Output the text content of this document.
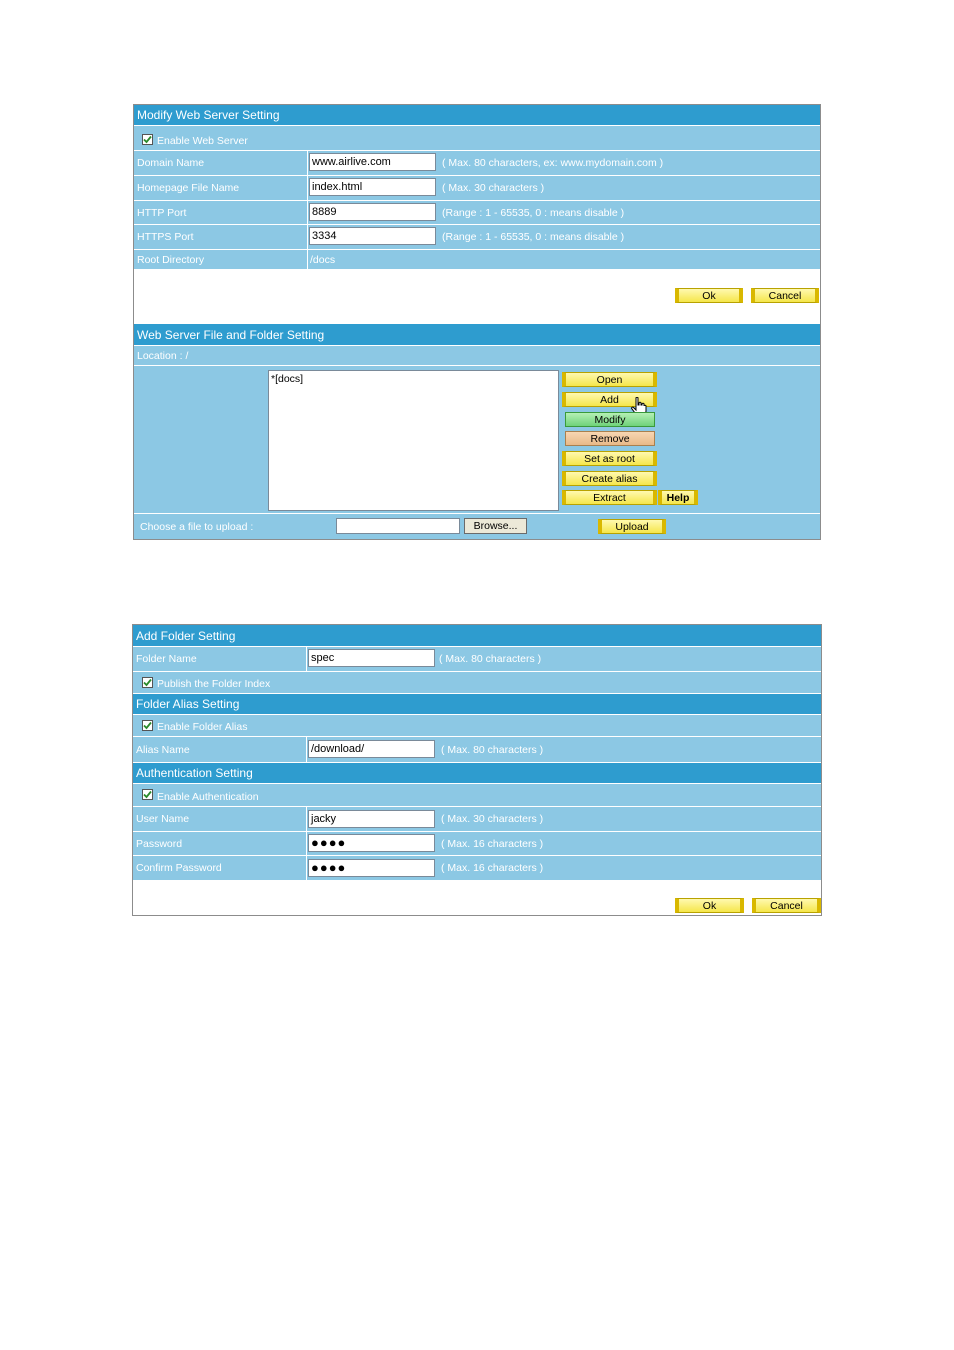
Modify Web Server Setting
Enable Web Server
Domain Name	www.airlive.com	( Max. 80 characters, ex: www.mydomain.com )
Homepage File Name	index.html	( Max. 30 characters )
HTTP Port	8889	(Range : 1 - 65535, 0 : means disable )
HTTPS Port	3334	(Range : 1 - 65535, 0 : means disable )
Root Directory	/docs
Ok	Cancel
Web Server File and Folder Setting
Location : /
*[docs]	Open
Add
Modify
Remove
Set as root
Create alias
Extract	Help
Choose a file to upload :	Browse...	Upload
Add Folder Setting
Folder Name	spec	( Max. 80 characters )
Publish the Folder Index
Folder Alias Setting
Enable Folder Alias
Alias Name	/download/	( Max. 80 characters )
Authentication Setting
Enable Authentication
User Name	jacky	( Max. 30 characters )
Password	●●●●	( Max. 16 characters )
Confirm Password	●●●●	( Max. 16 characters )
Ok	Cancel
